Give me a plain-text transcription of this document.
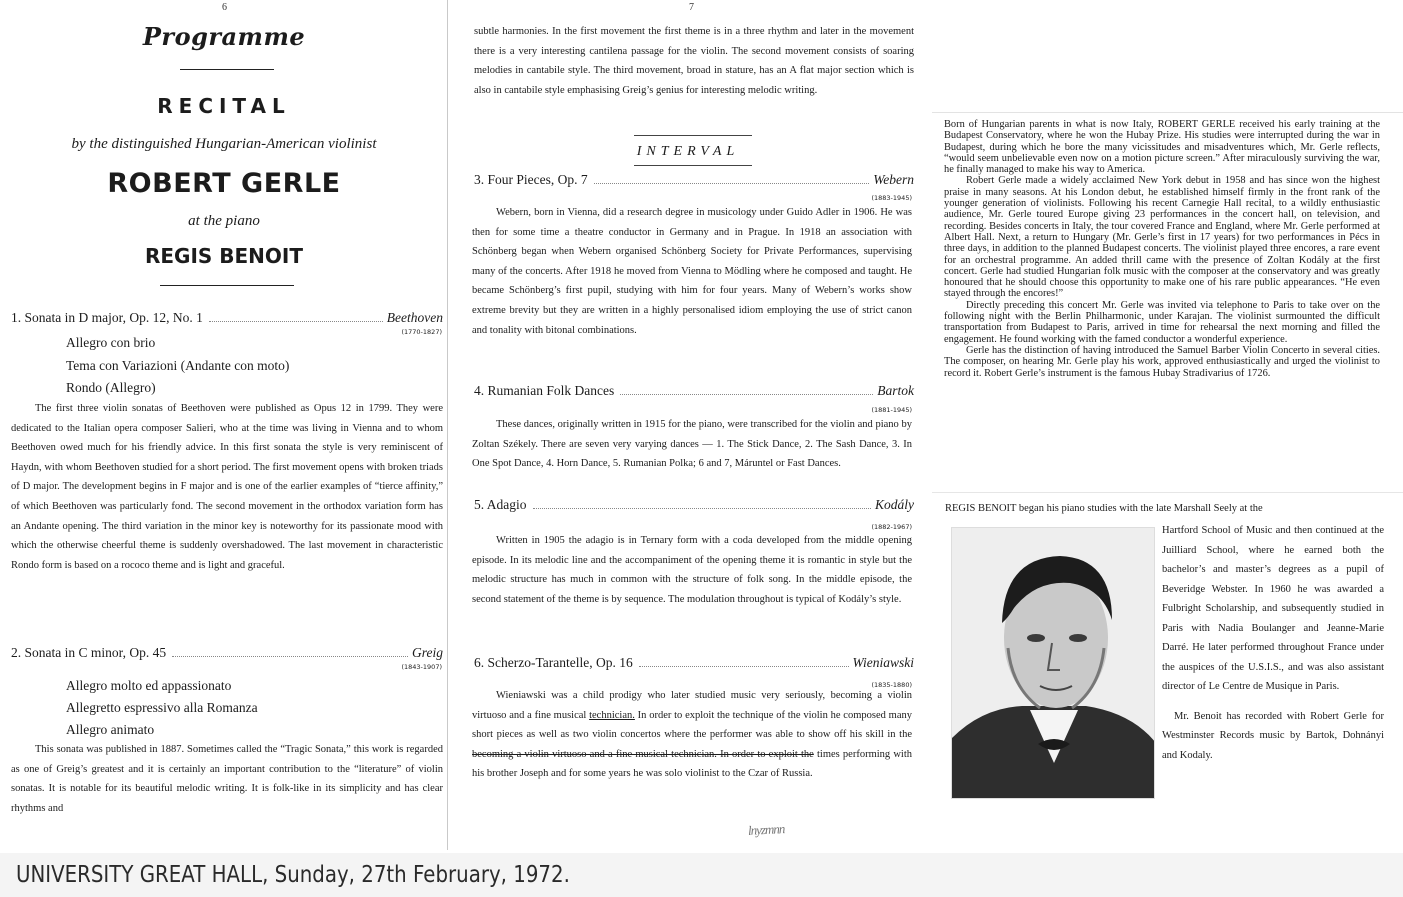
6
Programme
RECITAL
by the distinguished Hungarian-American violinist
ROBERT GERLE
at the piano
REGIS BENOIT
1. Sonata in D major, Op. 12, No. 1	Beethoven
(1770-1827)
Allegro con brio
Tema con Variazioni (Andante con moto)
Rondo (Allegro)
The first three violin sonatas of Beethoven were published as Opus 12 in 1799. They were dedicated to the Italian opera composer Salieri, who at the time was living in Vienna and to whom Beethoven owed much for his friendly advice. In this first sonata the style is very reminiscent of Haydn, with whom Beethoven studied for a short period. The first movement opens with broken triads of D major. The development begins in F major and is one of the earlier examples of “tierce affinity,” of which Beethoven was particularly fond. The second movement in the orthodox variation form has an Andante opening. The third variation in the minor key is noteworthy for its passionate mood with which the otherwise cheerful theme is suddenly overshadowed. The last movement in characteristic Rondo form is based on a rococo theme and is light and graceful.
2. Sonata in C minor, Op. 45	Greig
(1843-1907)
Allegro molto ed appassionato
Allegretto espressivo alla Romanza
Allegro animato
This sonata was published in 1887. Sometimes called the “Tragic Sonata,” this work is regarded as one of Greig’s greatest and it is certainly an important contribution to the “literature” of violin sonatas. It is notable for its beautiful melodic writing. It is folk-like in its simplicity and has clear rhythms and
7
subtle harmonies. In the first movement the first theme is in a three rhythm and later in the movement there is a very interesting cantilena passage for the violin. The second movement consists of soaring melodies in cantabile style. The third movement, broad in stature, has an A flat major section which is also in cantabile style emphasising Greig’s genius for interesting melodic writing.
INTERVAL
3. Four Pieces, Op. 7	Webern
(1883-1945)
Webern, born in Vienna, did a research degree in musicology under Guido Adler in 1906. He was then for some time a theatre conductor in Germany and in Prague. In 1918 an association with Schönberg began when Webern organised Schönberg Society for Private Performances, supervising many of the concerts. After 1918 he moved from Vienna to Mödling where he composed and taught. He became Schönberg’s first pupil, studying with him for four years. Many of Webern’s works show extreme brevity but they are written in a highly personalised idiom employing the use of strict canon and tonality with bitonal combinations.
4. Rumanian Folk Dances	Bartok
(1881-1945)
These dances, originally written in 1915 for the piano, were transcribed for the violin and piano by Zoltan Székely. There are seven very varying dances — 1. The Stick Dance, 2. The Sash Dance, 3. In One Spot Dance, 4. Horn Dance, 5. Rumanian Polka; 6 and 7, Máruntel or Fast Dances.
5. Adagio	Kodály
(1882-1967)
Written in 1905 the adagio is in Ternary form with a coda developed from the middle opening episode. In its melodic line and the accompaniment of the opening theme it is romantic in style but the melodic structure has much in common with the structure of folk song. In the middle episode, the second statement of the theme is by sequence. The modulation throughout is typical of Kodály’s style.
6. Scherzo-Tarantelle, Op. 16	Wieniawski
(1835-1880)
Wieniawski was a child prodigy who later studied music very seriously, becoming a violin virtuoso and a fine musical technician. In order to exploit the technique of the violin he composed many short pieces as well as two violin concertos where the performer was able to show off his skill in the becoming a violin virtuoso and a fine musical technician. In order to exploit the times performing with his brother Joseph and for some years he was solo violinist to the Czar of Russia.
lnyzmnn

Born of Hungarian parents in what is now Italy, ROBERT GERLE received his early training at the Budapest Conservatory, where he won the Hubay Prize. His studies were interrupted during the war in Budapest, during which he bore the many vicissitudes and misadventures which, Mr. Gerle reflects, “would seem unbelievable even now on a motion picture screen.” After miraculously surviving the war, he finally managed to make his way to America.

Robert Gerle made a widely acclaimed New York debut in 1958 and has since won the highest praise in many seasons. At his London debut, he established himself firmly in the front rank of the younger generation of violinists. Following his recent Carnegie Hall recital, to a wildly enthusiastic audience, Mr. Gerle toured Europe giving 23 performances in the concert hall, on television, and recording. Besides concerts in Italy, the tour covered France and England, where Mr. Gerle performed at Albert Hall. Next, a return to Hungary (Mr. Gerle’s first in 17 years) for two performances in Pécs in three days, in addition to the planned Budapest concerts. The violinist played three encores, a rare event for an orchestral programme. An added thrill came with the presence of Zoltan Kodály at the first concert. Gerle had studied Hungarian folk music with the composer at the conservatory and was greatly honoured that he should choose this opportunity to make one of his rare public appearances. “He even stayed through the encores!”

Directly preceding this concert Mr. Gerle was invited via telephone to Paris to take over on the following night with the Berlin Philharmonic, under Karajan. The violinist surmounted the difficult transportation from Budapest to Paris, arrived in time for rehearsal the next morning and filled the engagement. He found working with the famed conductor a wonderful experience.

Gerle has the distinction of having introduced the Samuel Barber Violin Concerto in several cities. The composer, on hearing Mr. Gerle play his work, approved enthusiastically and urged the violinist to record it. Robert Gerle’s instrument is the famous Hubay Stradivarius of 1726.

REGIS BENOIT began his piano studies with the late Marshall Seely at the

Hartford School of Music and then continued at the Juilliard School, where he earned both the bachelor’s and master’s degrees as a pupil of Beveridge Webster. In 1960 he was awarded a Fulbright Scholarship, and subsequently studied in Paris with Nadia Boulanger and Jeanne-Marie Darré. He later performed throughout France under the auspices of the U.S.I.S., and was also assistant director of Le Centre de Musique in Paris.

Mr. Benoit has recorded with Robert Gerle for Westminster Records music by Bartok, Dohnányi and Kodaly.

UNIVERSITY GREAT HALL, Sunday, 27th February, 1972.
